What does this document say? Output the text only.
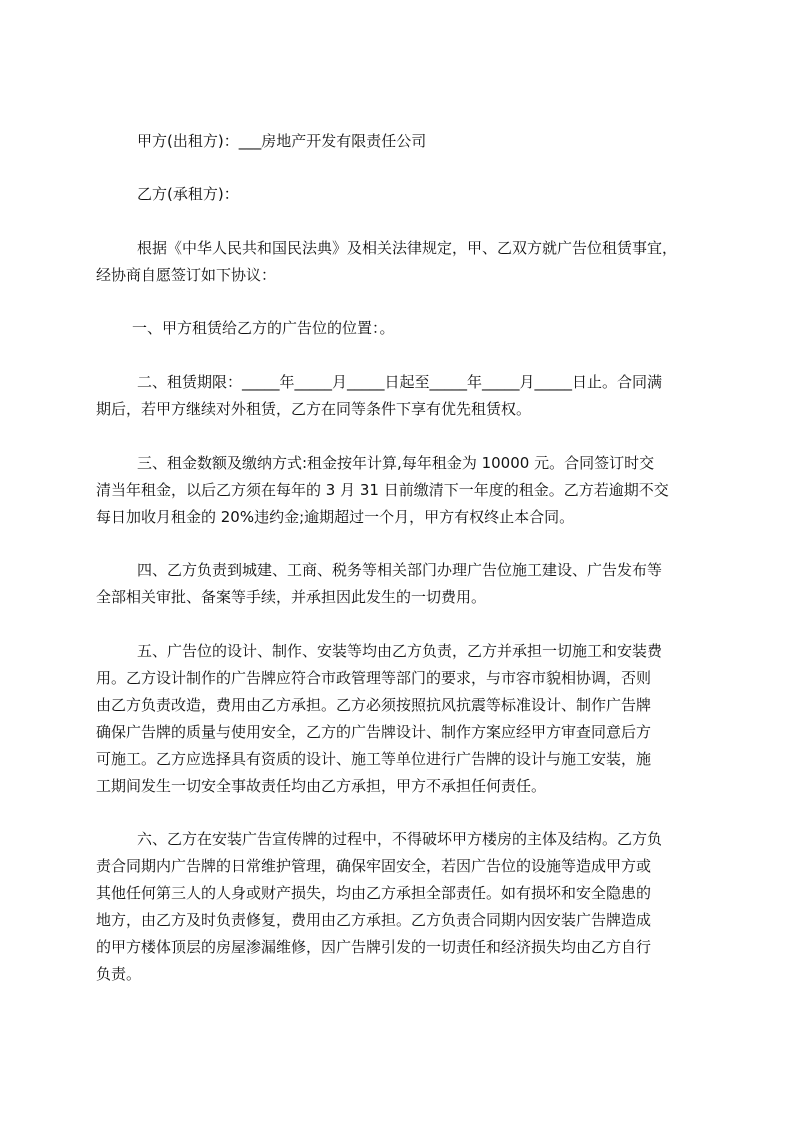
甲方(出租方)：___房地产开发有限责任公司
乙方(承租方)：
根据《中华人民共和国民法典》及相关法律规定，甲、乙双方就广告位租赁事宜，
经协商自愿签订如下协议：
一、甲方租赁给乙方的广告位的位置：。
二、租赁期限：_____年_____月_____日起至_____年_____月_____日止。合同满
期后，若甲方继续对外租赁，乙方在同等条件下享有优先租赁权。
三、租金数额及缴纳方式:租金按年计算,每年租金为 10000 元。合同签订时交
清当年租金，以后乙方须在每年的 3 月 31 日前缴清下一年度的租金。乙方若逾期不交
每日加收月租金的 20%违约金;逾期超过一个月，甲方有权终止本合同。
四、乙方负责到城建、工商、税务等相关部门办理广告位施工建设、广告发布等
全部相关审批、备案等手续，并承担因此发生的一切费用。
五、广告位的设计、制作、安装等均由乙方负责，乙方并承担一切施工和安装费
用。乙方设计制作的广告牌应符合市政管理等部门的要求，与市容市貌相协调，否则
由乙方负责改造，费用由乙方承担。乙方必须按照抗风抗震等标准设计、制作广告牌
确保广告牌的质量与使用安全，乙方的广告牌设计、制作方案应经甲方审查同意后方
可施工。乙方应选择具有资质的设计、施工等单位进行广告牌的设计与施工安装，施
工期间发生一切安全事故责任均由乙方承担，甲方不承担任何责任。
六、乙方在安装广告宣传牌的过程中，不得破坏甲方楼房的主体及结构。乙方负
责合同期内广告牌的日常维护管理，确保牢固安全，若因广告位的设施等造成甲方或
其他任何第三人的人身或财产损失，均由乙方承担全部责任。如有损坏和安全隐患的
地方，由乙方及时负责修复，费用由乙方承担。乙方负责合同期内因安装广告牌造成
的甲方楼体顶层的房屋渗漏维修，因广告牌引发的一切责任和经济损失均由乙方自行
负责。
